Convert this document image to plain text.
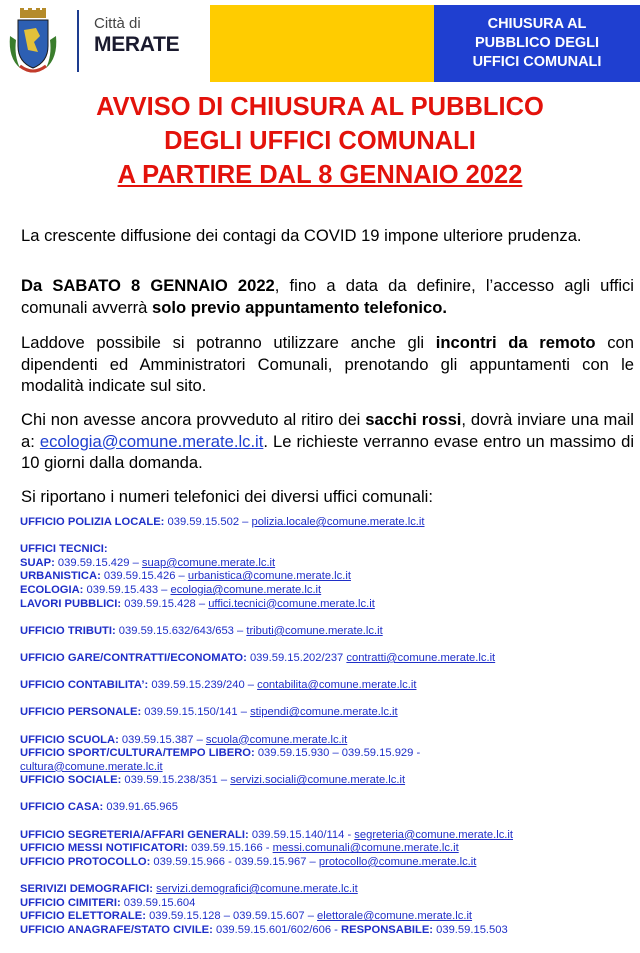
Città di
MERATE
CHIUSURA AL
PUBBLICO DEGLI
UFFICI COMUNALI
AVVISO DI CHIUSURA AL PUBBLICO
DEGLI UFFICI COMUNALI
A PARTIRE DAL 8 GENNAIO 2022
La crescente diffusione dei contagi da COVID 19 impone ulteriore prudenza.
Da SABATO 8 GENNAIO 2022, fino a data da definire, l’accesso agli uffici comunali avverrà solo previo appuntamento telefonico.
Laddove possibile si potranno utilizzare anche gli incontri da remoto con dipendenti ed Amministratori Comunali, prenotando gli appuntamenti con le modalità indicate sul sito.
Chi non avesse ancora provveduto al ritiro dei sacchi rossi, dovrà inviare una mail a: ecologia@comune.merate.lc.it. Le richieste verranno evase entro un massimo di 10 giorni dalla domanda.
Si riportano i numeri telefonici dei diversi uffici comunali:
UFFICIO POLIZIA LOCALE: 039.59.15.502 – polizia.locale@comune.merate.lc.it
UFFICI TECNICI:
SUAP: 039.59.15.429 – suap@comune.merate.lc.it
URBANISTICA: 039.59.15.426 – urbanistica@comune.merate.lc.it
ECOLOGIA: 039.59.15.433 – ecologia@comune.merate.lc.it
LAVORI PUBBLICI: 039.59.15.428 – uffici.tecnici@comune.merate.lc.it
UFFICIO TRIBUTI: 039.59.15.632/643/653 – tributi@comune.merate.lc.it
UFFICIO GARE/CONTRATTI/ECONOMATO: 039.59.15.202/237 contratti@comune.merate.lc.it
UFFICIO CONTABILITA’: 039.59.15.239/240 – contabilita@comune.merate.lc.it
UFFICIO PERSONALE: 039.59.15.150/141 – stipendi@comune.merate.lc.it
UFFICIO SCUOLA: 039.59.15.387 – scuola@comune.merate.lc.it
UFFICIO SPORT/CULTURA/TEMPO LIBERO: 039.59.15.930 – 039.59.15.929 -
cultura@comune.merate.lc.it
UFFICIO SOCIALE: 039.59.15.238/351 – servizi.sociali@comune.merate.lc.it
UFFICIO CASA: 039.91.65.965
UFFICIO SEGRETERIA/AFFARI GENERALI: 039.59.15.140/114 - segreteria@comune.merate.lc.it
UFFICIO MESSI NOTIFICATORI: 039.59.15.166 - messi.comunali@comune.merate.lc.it
UFFICIO PROTOCOLLO: 039.59.15.966 - 039.59.15.967 – protocollo@comune.merate.lc.it
SERIVIZI DEMOGRAFICI: servizi.demografici@comune.merate.lc.it
UFFICIO CIMITERI: 039.59.15.604
UFFICIO ELETTORALE: 039.59.15.128 – 039.59.15.607 – elettorale@comune.merate.lc.it
UFFICIO ANAGRAFE/STATO CIVILE: 039.59.15.601/602/606 - RESPONSABILE: 039.59.15.503
